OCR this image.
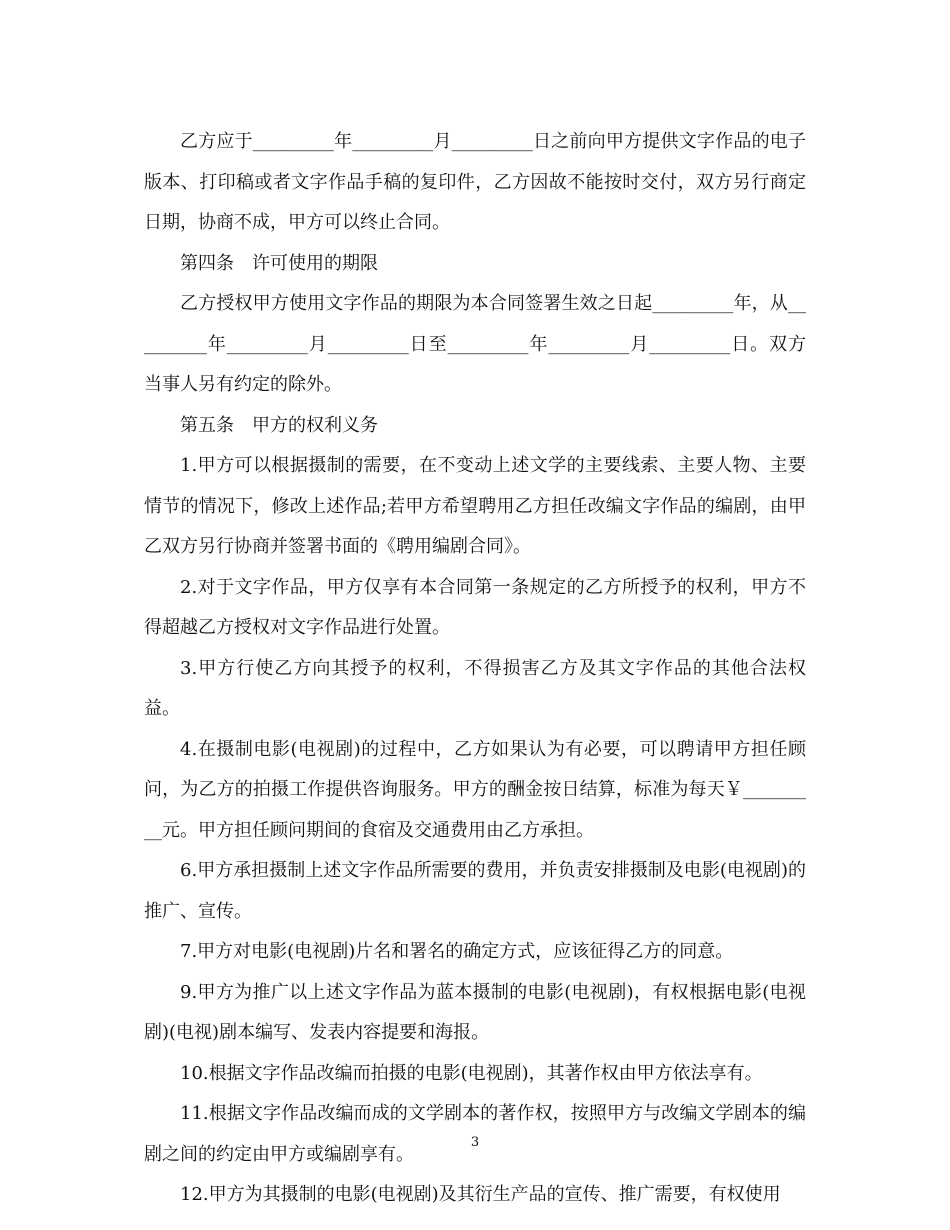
乙方应于_________年_________月_________日之前向甲方提供文字作品的电子版本、打印稿或者文字作品手稿的复印件，乙方因故不能按时交付，双方另行商定日期，协商不成，甲方可以终止合同。

第四条　许可使用的期限

乙方授权甲方使用文字作品的期限为本合同签署生效之日起_________年，从_________年_________月_________日至_________年_________月_________日。双方当事人另有约定的除外。

第五条　甲方的权利义务

1.甲方可以根据摄制的需要，在不变动上述文学的主要线索、主要人物、主要情节的情况下，修改上述作品;若甲方希望聘用乙方担任改编文字作品的编剧，由甲乙双方另行协商并签署书面的《聘用编剧合同》。

2.对于文字作品，甲方仅享有本合同第一条规定的乙方所授予的权利，甲方不得超越乙方授权对文字作品进行处置。

3.甲方行使乙方向其授予的权利，不得损害乙方及其文字作品的其他合法权益。

4.在摄制电影(电视剧)的过程中，乙方如果认为有必要，可以聘请甲方担任顾问，为乙方的拍摄工作提供咨询服务。甲方的酬金按日结算，标准为每天￥_________元。甲方担任顾问期间的食宿及交通费用由乙方承担。

6.甲方承担摄制上述文字作品所需要的费用，并负责安排摄制及电影(电视剧)的推广、宣传。

7.甲方对电影(电视剧)片名和署名的确定方式，应该征得乙方的同意。

9.甲方为推广以上述文字作品为蓝本摄制的电影(电视剧)，有权根据电影(电视剧)(电视)剧本编写、发表内容提要和海报。

10.根据文字作品改编而拍摄的电影(电视剧)，其著作权由甲方依法享有。

11.根据文字作品改编而成的文学剧本的著作权，按照甲方与改编文学剧本的编剧之间的约定由甲方或编剧享有。

12.甲方为其摄制的电影(电视剧)及其衍生产品的宣传、推广需要，有权使用

3
